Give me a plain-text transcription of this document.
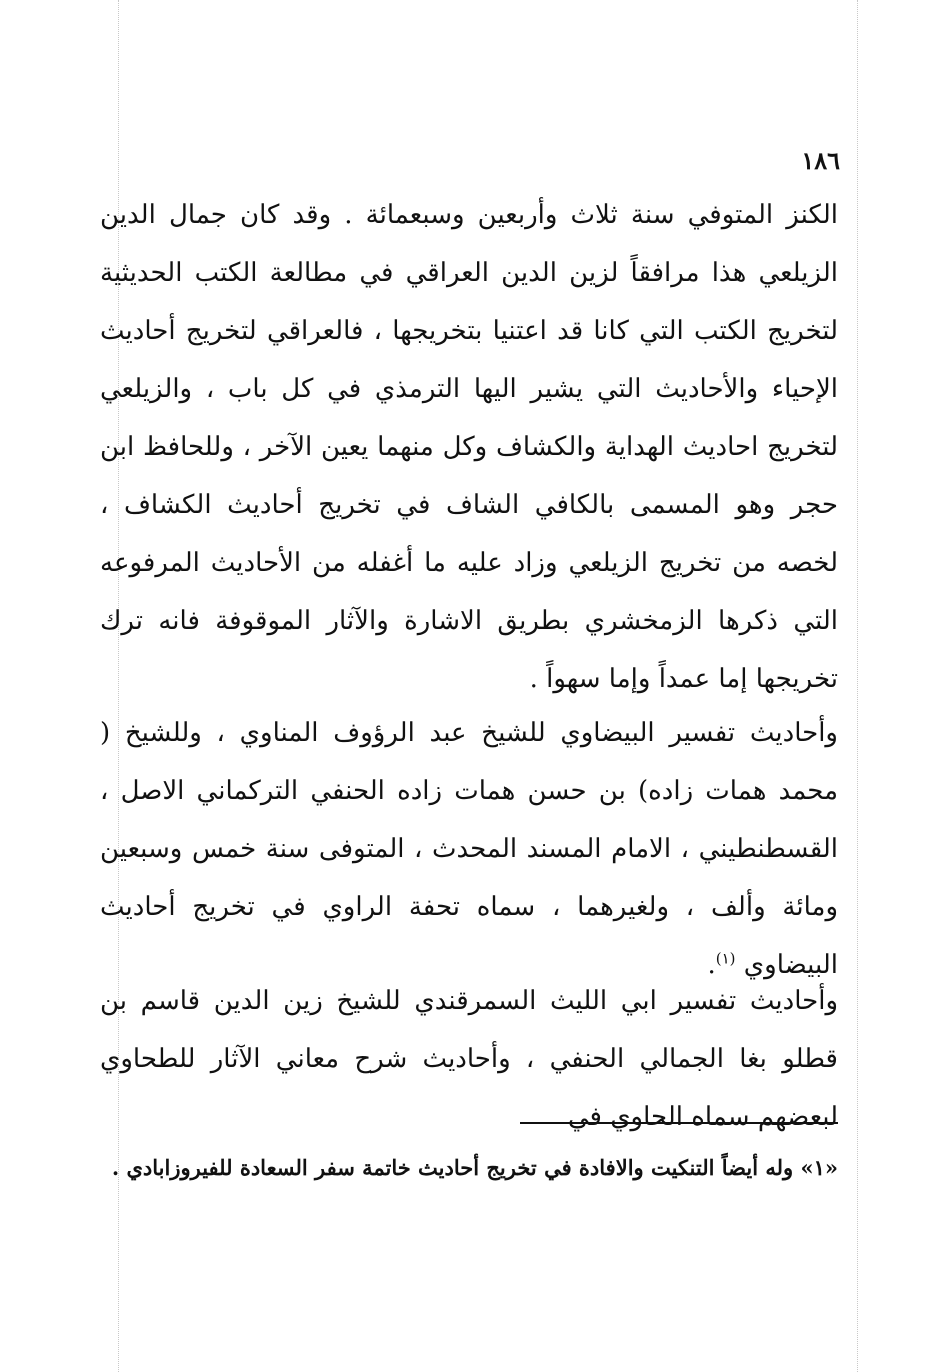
١٨٦

الكنز المتوفي سنة ثلاث وأربعين وسبعمائة . وقد كان جمال الدين الزيلعي هذا مرافقاً لزين الدين العراقي في مطالعة الكتب الحديثية لتخريج الكتب التي كانا قد اعتنيا بتخريجها ، فالعراقي لتخريج أحاديث الإحياء والأحاديث التي يشير اليها الترمذي في كل باب ، والزيلعي لتخريج احاديث الهداية والكشاف وكل منهما يعين الآخر ، وللحافظ ابن حجر وهو المسمى بالكافي الشاف في تخريج أحاديث الكشاف ، لخصه من تخريج الزيلعي وزاد عليه ما أغفله من الأحاديث المرفوعه التي ذكرها الزمخشري بطريق الاشارة والآثار الموقوفة فانه ترك تخريجها إما عمداً وإما سهواً .

وأحاديث تفسير البيضاوي للشيخ عبد الرؤوف المناوي ، وللشيخ ( محمد همات زاده) بن حسن همات زاده الحنفي التركماني الاصل ، القسطنطيني ، الامام المسند المحدث ، المتوفى سنة خمس وسبعين ومائة وألف ، ولغيرهما ، سماه تحفة الراوي في تخريج أحاديث البيضاوي $^{(١)}$.

وأحاديث تفسير ابي الليث السمرقندي للشيخ زين الدين قاسم بن قطلو بغا الجمالي الحنفي ، وأحاديث شرح معاني الآثار للطحاوي لبعضهم سماه الحاوي في

«١» وله أيضاً التنكيت والافادة في تخريج أحاديث خاتمة سفر السعادة للفيروزابادي .
